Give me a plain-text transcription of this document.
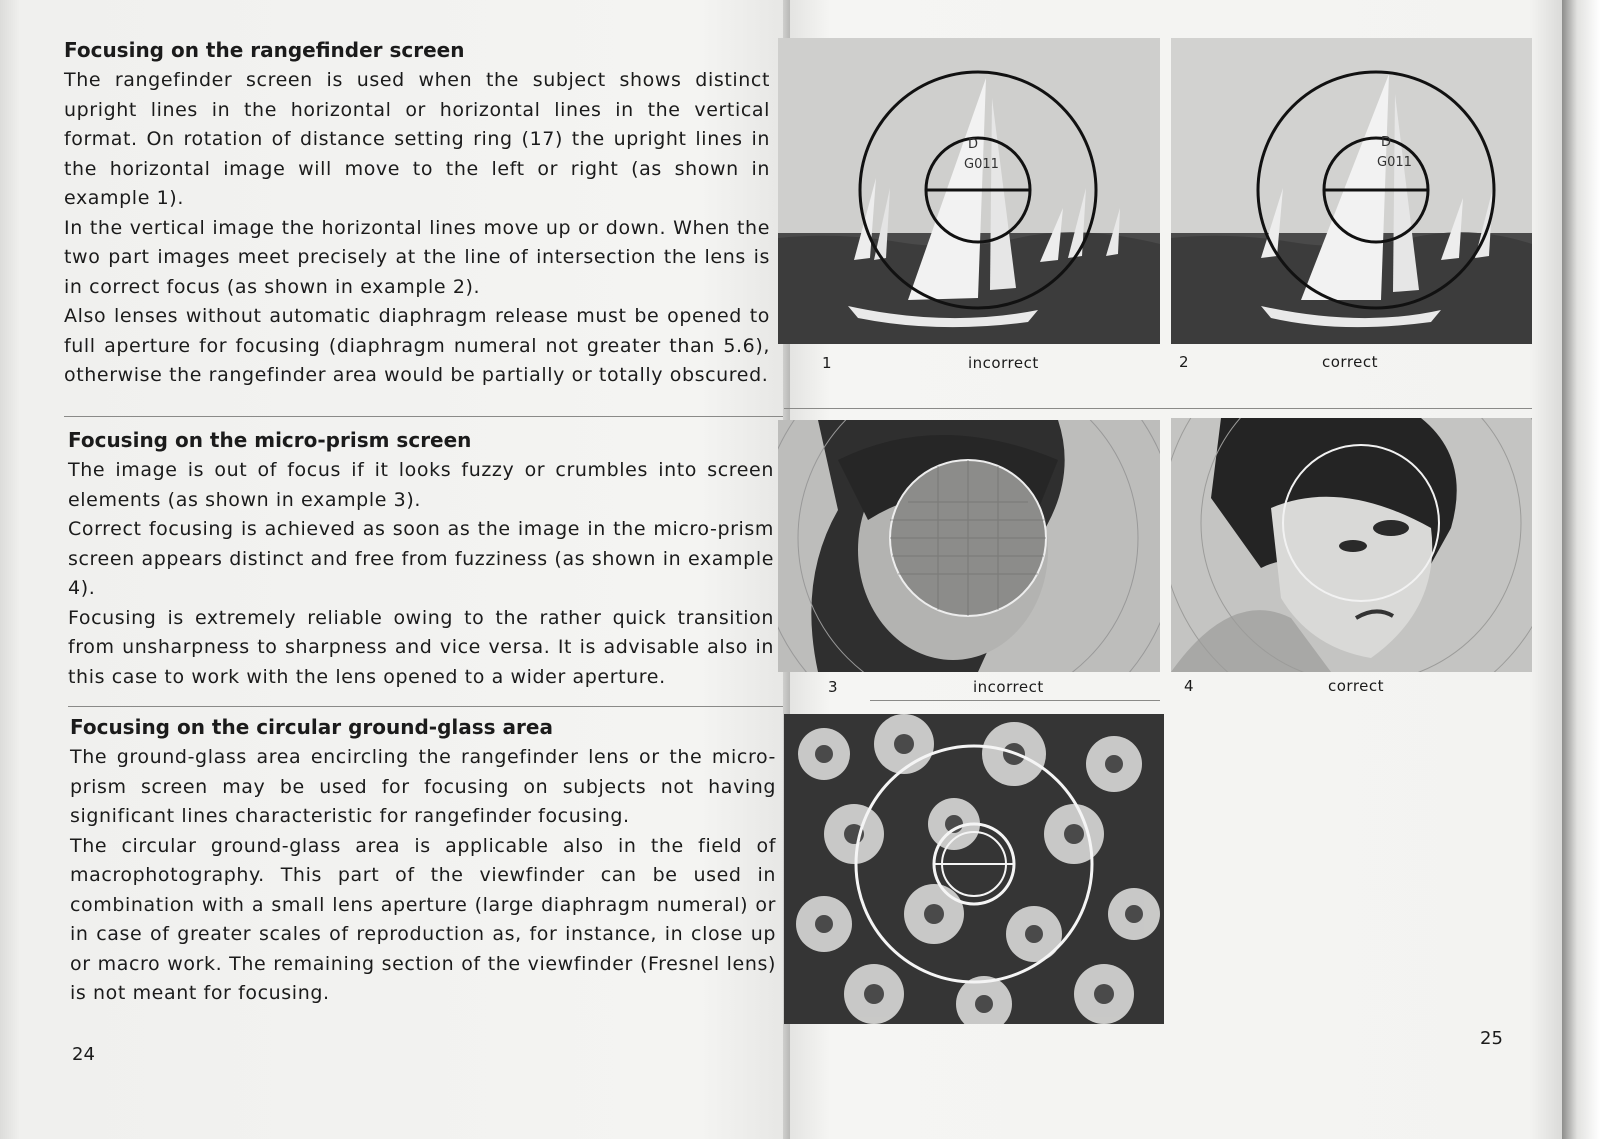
Focusing on the rangefinder screen

The rangefinder screen is used when the subject shows distinct upright lines in the horizontal or horizontal lines in the vertical format. On rotation of distance setting ring (17) the upright lines in the horizontal image will move to the left or right (as shown in example 1).

In the vertical image the horizontal lines move up or down. When the two part images meet precisely at the line of intersection the lens is in correct focus (as shown in example 2).

Also lenses without automatic diaphragm release must be opened to full aperture for focusing (diaphragm numeral not greater than 5.6), otherwise the rangefinder area would be partially or totally obscured.

Focusing on the micro-prism screen

The image is out of focus if it looks fuzzy or crumbles into screen elements (as shown in example 3).

Correct focusing is achieved as soon as the image in the micro-prism screen appears distinct and free from fuzziness (as shown in example 4).

Focusing is extremely reliable owing to the rather quick transition from unsharpness to sharpness and vice versa. It is advisable also in this case to work with the lens opened to a wider aperture.

Focusing on the circular ground-glass area

The ground-glass area encircling the rangefinder lens or the micro-prism screen may be used for focusing on subjects not having significant lines characteristic for rangefinder focusing.

The circular ground-glass area is applicable also in the field of macrophotography. This part of the viewfinder can be used in combination with a small lens aperture (large diaphragm numeral) or in case of greater scales of reproduction as, for instance, in close up or macro work. The remaining section of the viewfinder (Fresnel lens) is not meant for focusing.

24
D
G011
D
G011
1	incorrect	2	correct
3	incorrect	4	correct
25
